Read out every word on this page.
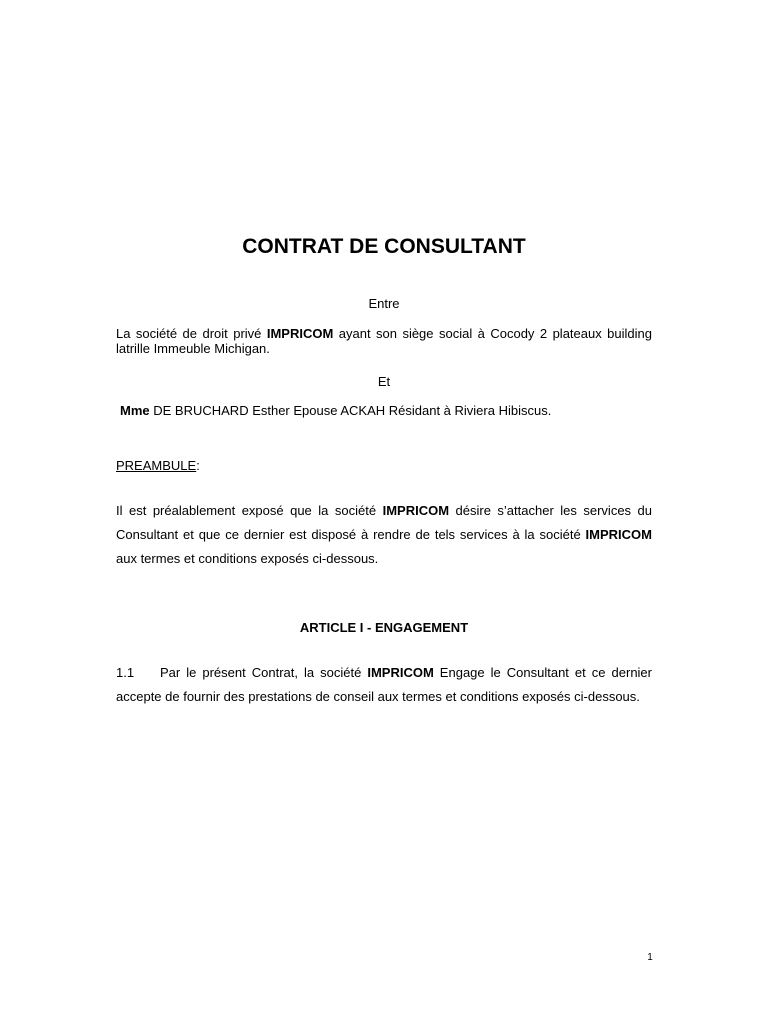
CONTRAT DE CONSULTANT
Entre
La société de droit privé IMPRICOM ayant son siège social à Cocody 2 plateaux building latrille Immeuble Michigan.
Et
Mme DE BRUCHARD Esther Epouse ACKAH Résidant à Riviera Hibiscus.
PREAMBULE:
Il est préalablement exposé que la société IMPRICOM désire s’attacher les services du Consultant et que ce dernier est disposé à rendre de tels services à la société IMPRICOM aux termes et conditions exposés ci-dessous.
ARTICLE I - ENGAGEMENT
1.1 Par le présent Contrat, la société IMPRICOM Engage le Consultant et ce dernier accepte de fournir des prestations de conseil aux termes et conditions exposés ci-dessous.
1
